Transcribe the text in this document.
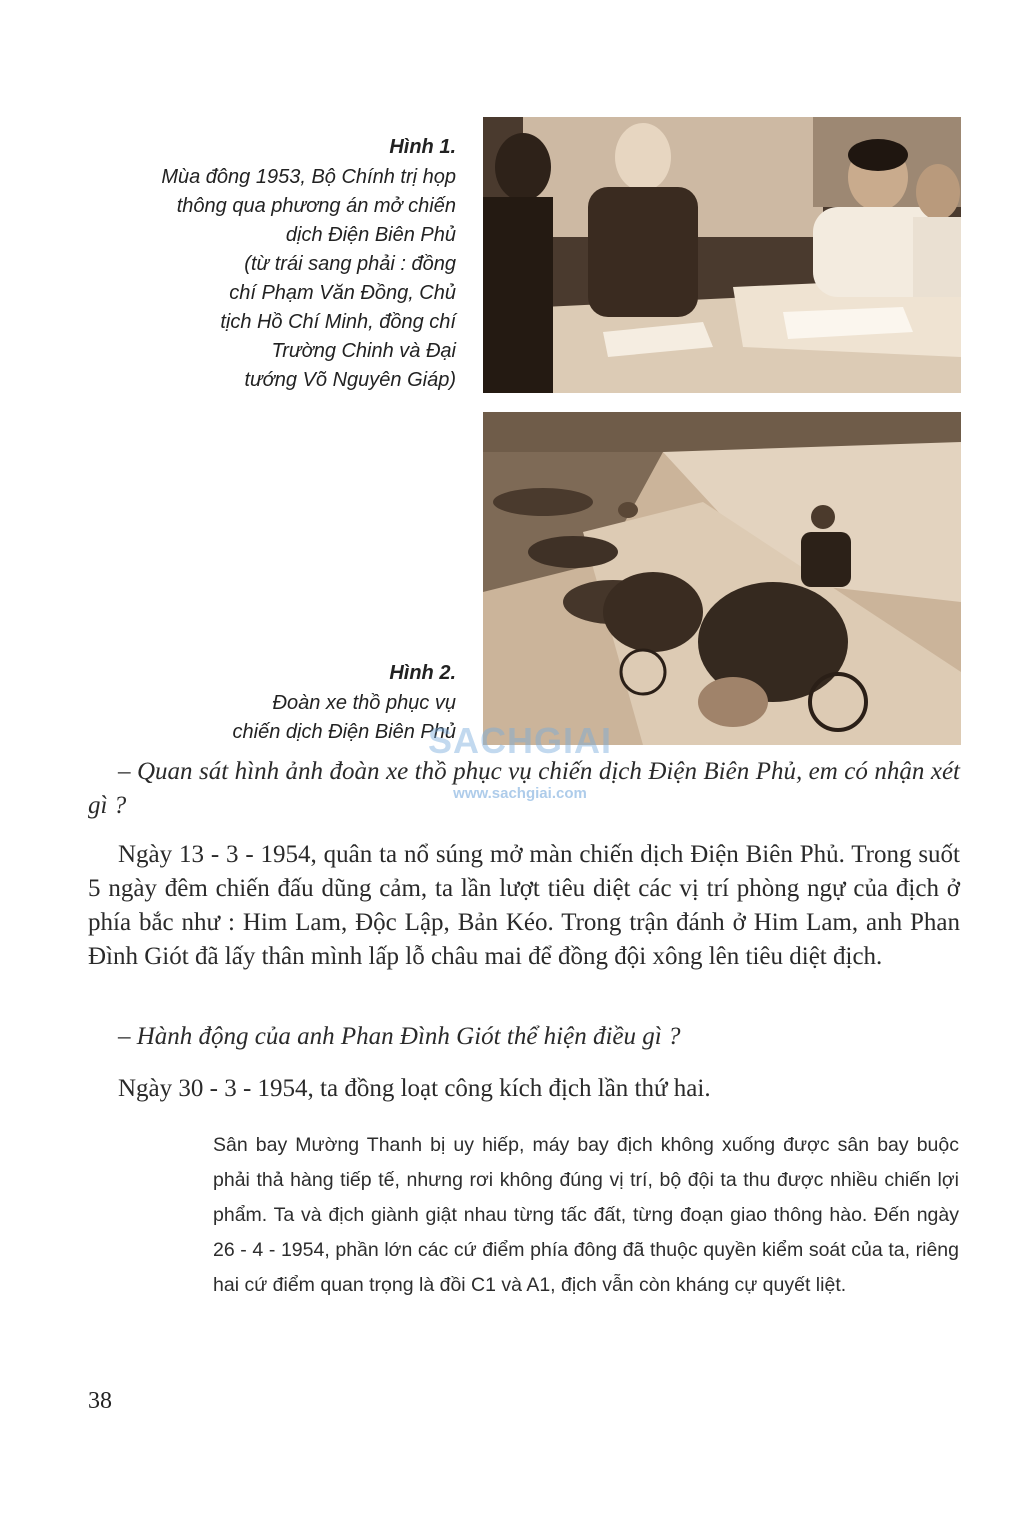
Hình 1.
Mùa đông 1953, Bộ Chính trị họp
thông qua phương án mở chiến
dịch Điện Biên Phủ
(từ trái sang phải : đồng
chí Phạm Văn Đồng, Chủ
tịch Hồ Chí Minh, đồng chí
Trường Chinh và Đại
tướng Võ Nguyên Giáp)
Hình 2.
Đoàn xe thồ phục vụ
chiến dịch Điện Biên Phủ
SACHGIAI
www.sachgiai.com
– Quan sát hình ảnh đoàn xe thồ phục vụ chiến dịch Điện Biên Phủ, em có nhận xét gì ?
Ngày 13 - 3 - 1954, quân ta nổ súng mở màn chiến dịch Điện Biên Phủ. Trong suốt 5 ngày đêm chiến đấu dũng cảm, ta lần lượt tiêu diệt các vị trí phòng ngự của địch ở phía bắc như : Him Lam, Độc Lập, Bản Kéo. Trong trận đánh ở Him Lam, anh Phan Đình Giót đã lấy thân mình lấp lỗ châu mai để đồng đội xông lên tiêu diệt địch.
– Hành động của anh Phan Đình Giót thể hiện điều gì ?
Ngày 30 - 3 - 1954, ta đồng loạt công kích địch lần thứ hai.
Sân bay Mường Thanh bị uy hiếp, máy bay địch không xuống được sân bay buộc phải thả hàng tiếp tế, nhưng rơi không đúng vị trí, bộ đội ta thu được nhiều chiến lợi phẩm. Ta và địch giành giật nhau từng tấc đất, từng đoạn giao thông hào. Đến ngày 26 - 4 - 1954, phần lớn các cứ điểm phía đông đã thuộc quyền kiểm soát của ta, riêng hai cứ điểm quan trọng là đồi C1 và A1, địch vẫn còn kháng cự quyết liệt.
38
